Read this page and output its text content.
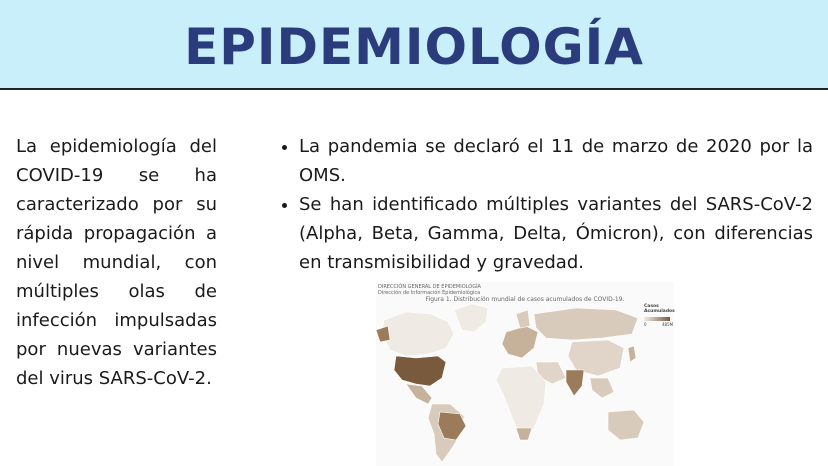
EPIDEMIOLOGÍA
La epidemiología del COVID-19 se ha caracterizado por su rápida propagación a nivel mundial, con múltiples olas de infección impulsadas por nuevas variantes del virus SARS-CoV-2.
• La pandemia se declaró el 11 de marzo de 2020 por la OMS.
• Se han identificado múltiples variantes del SARS-CoV-2 (Alpha, Beta, Gamma, Delta, Ómicron), con diferencias en transmisibilidad y gravedad.
DIRECCIÓN GENERAL DE EPIDEMIOLOGÍA
Dirección de Información Epidemiológica
Figura 1. Distribución mundial de casos acumulados de COVID-19.
Casos
Acumulados
0	485M
